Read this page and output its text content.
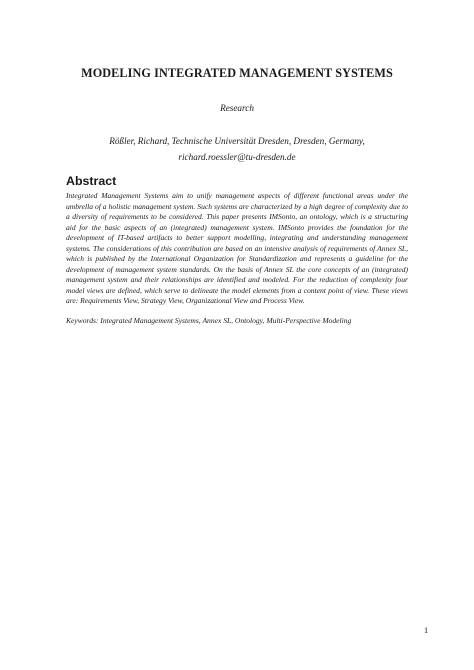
MODELING INTEGRATED MANAGEMENT SYSTEMS
Research
Rößler, Richard, Technische Universität Dresden, Dresden, Germany,
richard.roessler@tu-dresden.de
Abstract
Integrated Management Systems aim to unify management aspects of different functional areas under the umbrella of a holistic management system. Such systems are characterized by a high degree of complexity due to a diversity of requirements to be considered. This paper presents IMSonto, an ontology, which is a structuring aid for the basic aspects of an (integrated) management system. IMSonto provides the foundation for the development of IT-based artifacts to better support modelling, integrating and understanding management systems. The considerations of this contribution are based on an intensive analysis of requirements of Annex SL, which is published by the International Organization for Standardization and represents a guideline for the development of management system standards. On the basis of Annex SL the core concepts of an (integrated) management system and their relationships are identified and modeled. For the reduction of complexity four model views are defined, which serve to delineate the model elements from a content point of view. These views are: Requirements View, Strategy View, Organizational View and Process View.
Keywords: Integrated Management Systems, Annex SL, Ontology, Multi-Perspective Modeling
1
